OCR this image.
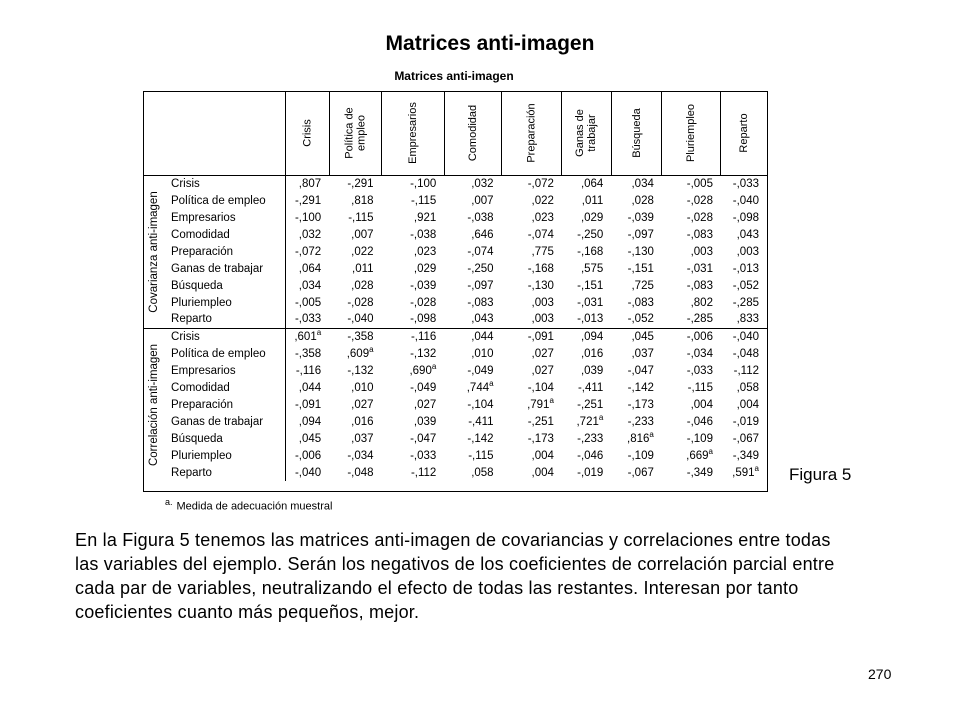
Matrices anti-imagen
Matrices anti-imagen

		Crisis	Política de empleo	Empresarios	Comodidad	Preparación	Ganas de trabajar	Búsqueda	Pluriempleo	Reparto

Covarianza anti-imagen	Crisis	,807	-,291	-,100	,032	-,072	,064	,034	-,005	-,033
	Política de empleo	-,291	,818	-,115	,007	,022	,011	,028	-,028	-,040
	Empresarios	-,100	-,115	,921	-,038	,023	,029	-,039	-,028	-,098
	Comodidad	,032	,007	-,038	,646	-,074	-,250	-,097	-,083	,043
	Preparación	-,072	,022	,023	-,074	,775	-,168	-,130	,003	,003
	Ganas de trabajar	,064	,011	,029	-,250	-,168	,575	-,151	-,031	-,013
	Búsqueda	,034	,028	-,039	-,097	-,130	-,151	,725	-,083	-,052
	Pluriempleo	-,005	-,028	-,028	-,083	,003	-,031	-,083	,802	-,285
	Reparto	-,033	-,040	-,098	,043	,003	-,013	-,052	-,285	,833

Correlación anti-imagen	Crisis	,601$^a$	-,358	-,116	,044	-,091	,094	,045	-,006	-,040
	Política de empleo	-,358	,609$^a$	-,132	,010	,027	,016	,037	-,034	-,048
	Empresarios	-,116	-,132	,690$^a$	-,049	,027	,039	-,047	-,033	-,112
	Comodidad	,044	,010	-,049	,744$^a$	-,104	-,411	-,142	-,115	,058
	Preparación	-,091	,027	,027	-,104	,791$^a$	-,251	-,173	,004	,004
	Ganas de trabajar	,094	,016	,039	-,411	-,251	,721$^a$	-,233	-,046	-,019
	Búsqueda	,045	,037	-,047	-,142	-,173	-,233	,816$^a$	-,109	-,067
	Pluriempleo	-,006	-,034	-,033	-,115	,004	-,046	-,109	,669$^a$	-,349
	Reparto	-,040	-,048	-,112	,058	,004	-,019	-,067	-,349	,591$^a$
$^{a.}$ Medida de adecuación muestral
Figura 5
En la Figura 5 tenemos las matrices anti-imagen de covariancias y correlaciones entre todas las variables del ejemplo. Serán los negativos de los coeficientes de correlación parcial entre cada par de variables, neutralizando el efecto de todas las restantes. Interesan por tanto coeficientes cuanto más pequeños, mejor.
270
